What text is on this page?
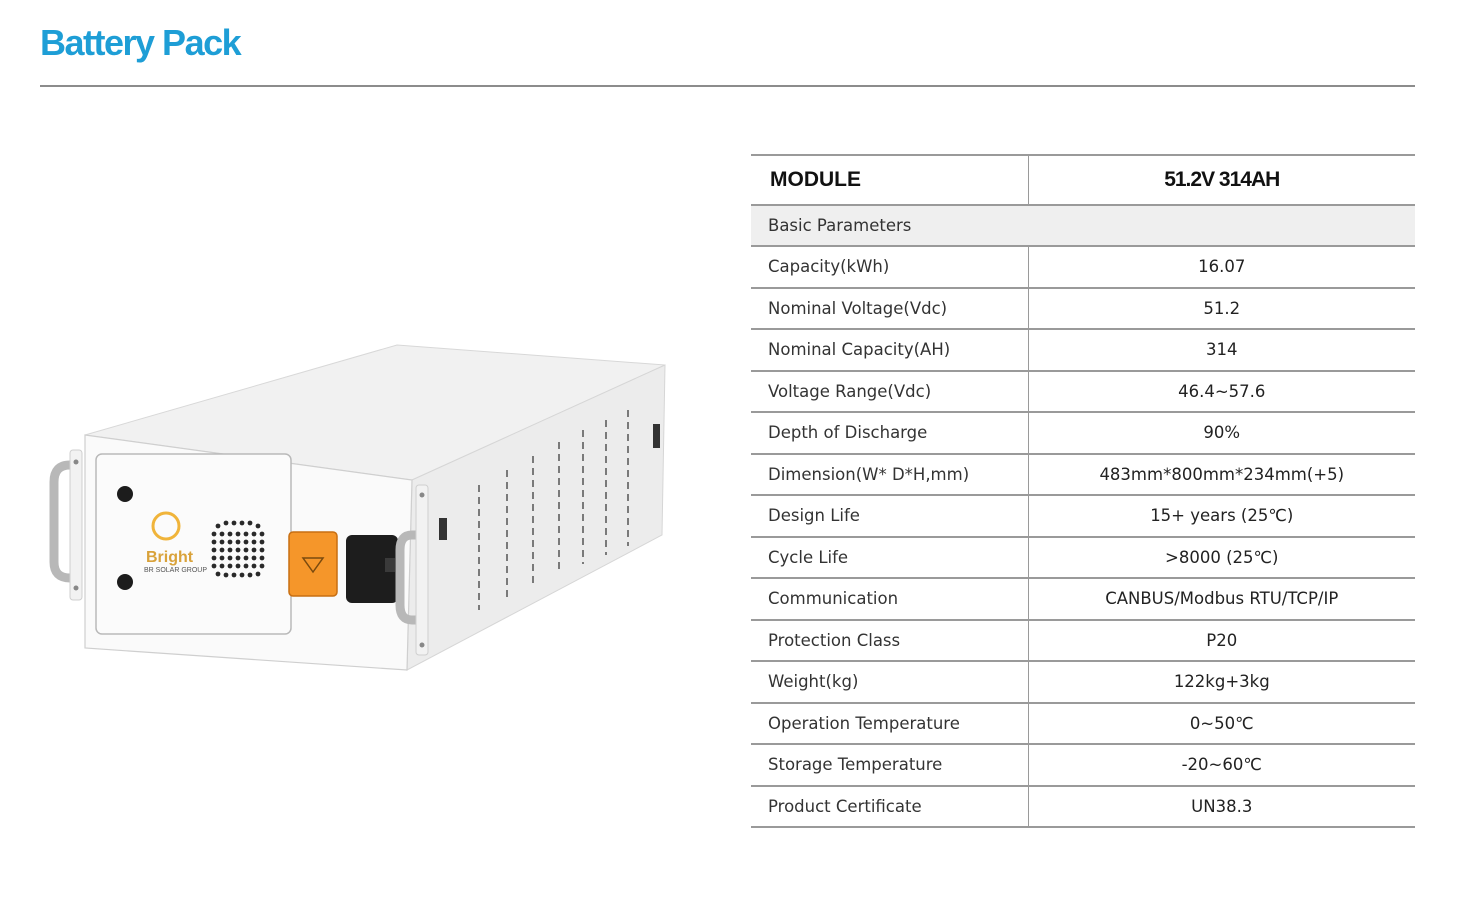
Battery Pack
Bright
BR SOLAR GROUP
MODULE	51.2V 314AH
Basic Parameters	
Capacity(kWh)	16.07
Nominal Voltage(Vdc)	51.2
Nominal Capacity(AH)	314
Voltage Range(Vdc)	46.4~57.6
Depth of Discharge	90%
Dimension(W* D*H,mm)	483mm*800mm*234mm(+5)
Design Life	15+ years (25℃)
Cycle Life	>8000 (25℃)
Communication	CANBUS/Modbus RTU/TCP/IP
Protection Class	P20
Weight(kg)	122kg+3kg
Operation Temperature	0~50℃
Storage Temperature	-20~60℃
Product Certificate	UN38.3
